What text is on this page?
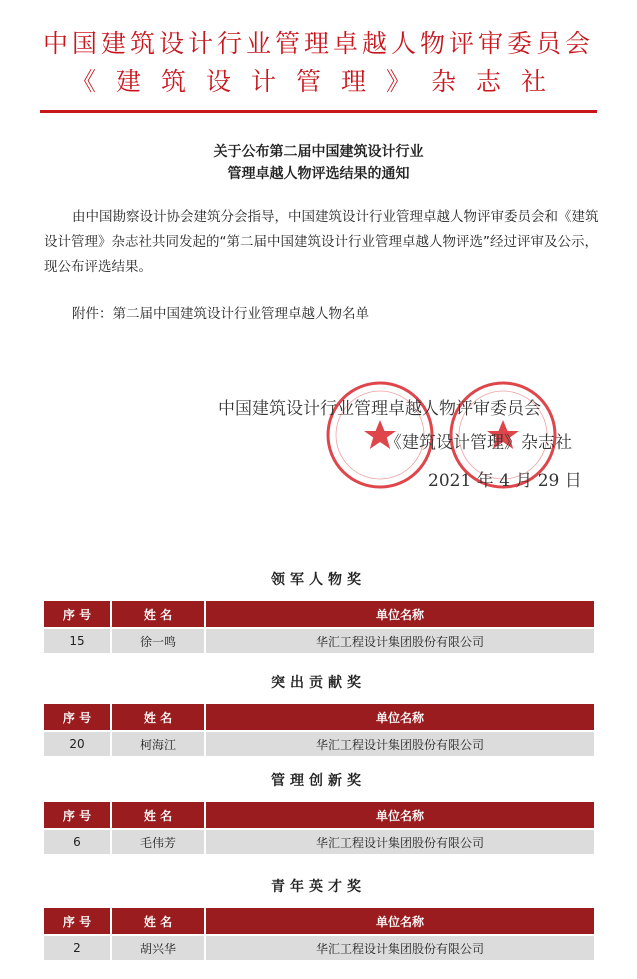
中国建筑设计行业管理卓越人物评审委员会
《建筑设计管理》杂志社
关于公布第二届中国建筑设计行业
管理卓越人物评选结果的通知
由中国勘察设计协会建筑分会指导，中国建筑设计行业管理卓越人物评审委员会和《建筑设计管理》杂志社共同发起的“第二届中国建筑设计行业管理卓越人物评选”经过评审及公示，现公布评选结果。
附件：第二届中国建筑设计行业管理卓越人物名单
中国建筑设计行业管理卓越人物评审委员会
《建筑设计管理》杂志社
2021 年 4 月 29 日
领军人物奖
序 号	姓 名	单位名称
15	徐一鸣	华汇工程设计集团股份有限公司
突出贡献奖
序 号	姓 名	单位名称
20	柯海江	华汇工程设计集团股份有限公司
管理创新奖
序 号	姓 名	单位名称
6	毛伟芳	华汇工程设计集团股份有限公司
青年英才奖
序 号	姓 名	单位名称
2	胡兴华	华汇工程设计集团股份有限公司
